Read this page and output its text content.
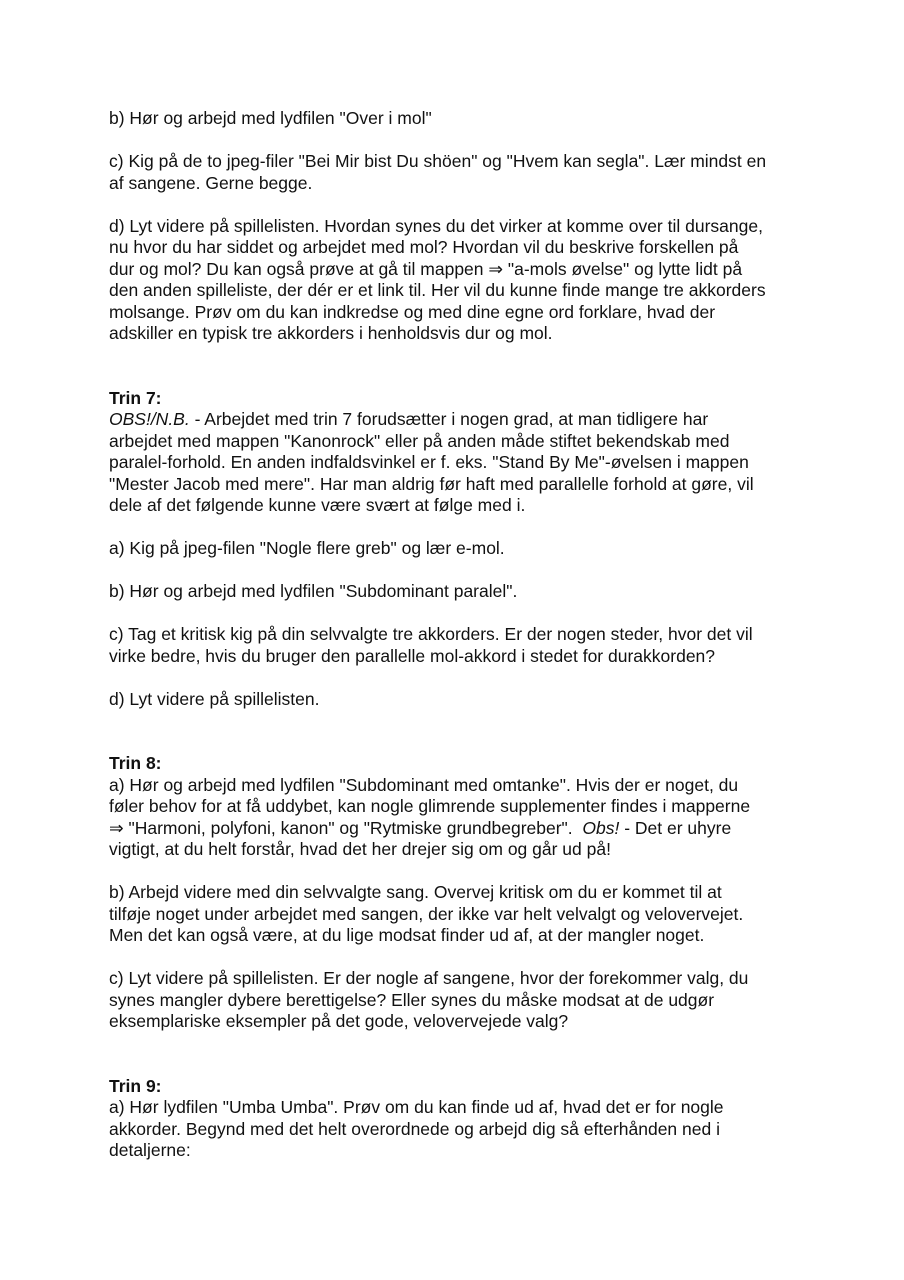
b) Hør og arbejd med lydfilen "Over i mol"

c) Kig på de to jpeg-filer "Bei Mir bist Du shöen" og "Hvem kan segla". Lær mindst en
af sangene. Gerne begge.

d) Lyt videre på spillelisten. Hvordan synes du det virker at komme over til dursange,
nu hvor du har siddet og arbejdet med mol? Hvordan vil du beskrive forskellen på
dur og mol? Du kan også prøve at gå til mappen ⇒ "a-mols øvelse" og lytte lidt på
den anden spilleliste, der dér er et link til. Her vil du kunne finde mange tre akkorders
molsange. Prøv om du kan indkredse og med dine egne ord forklare, hvad der
adskiller en typisk tre akkorders i henholdsvis dur og mol.

Trin 7:

OBS!/N.B. - Arbejdet med trin 7 forudsætter i nogen grad, at man tidligere har
arbejdet med mappen "Kanonrock" eller på anden måde stiftet bekendskab med
paralel-forhold. En anden indfaldsvinkel er f. eks. "Stand By Me"-øvelsen i mappen
"Mester Jacob med mere". Har man aldrig før haft med parallelle forhold at gøre, vil
dele af det følgende kunne være svært at følge med i.

a) Kig på jpeg-filen "Nogle flere greb" og lær e-mol.

b) Hør og arbejd med lydfilen "Subdominant paralel".

c) Tag et kritisk kig på din selvvalgte tre akkorders. Er der nogen steder, hvor det vil
virke bedre, hvis du bruger den parallelle mol-akkord i stedet for durakkorden?

d) Lyt videre på spillelisten.

Trin 8:

a) Hør og arbejd med lydfilen "Subdominant med omtanke". Hvis der er noget, du
føler behov for at få uddybet, kan nogle glimrende supplementer findes i mapperne
⇒ "Harmoni, polyfoni, kanon" og "Rytmiske grundbegreber".  Obs! - Det er uhyre
vigtigt, at du helt forstår, hvad det her drejer sig om og går ud på!

b) Arbejd videre med din selvvalgte sang. Overvej kritisk om du er kommet til at
tilføje noget under arbejdet med sangen, der ikke var helt velvalgt og velovervejet.
Men det kan også være, at du lige modsat finder ud af, at der mangler noget.

c) Lyt videre på spillelisten. Er der nogle af sangene, hvor der forekommer valg, du
synes mangler dybere berettigelse? Eller synes du måske modsat at de udgør
eksemplariske eksempler på det gode, velovervejede valg?

Trin 9:

a) Hør lydfilen "Umba Umba". Prøv om du kan finde ud af, hvad det er for nogle
akkorder. Begynd med det helt overordnede og arbejd dig så efterhånden ned i
detaljerne:
